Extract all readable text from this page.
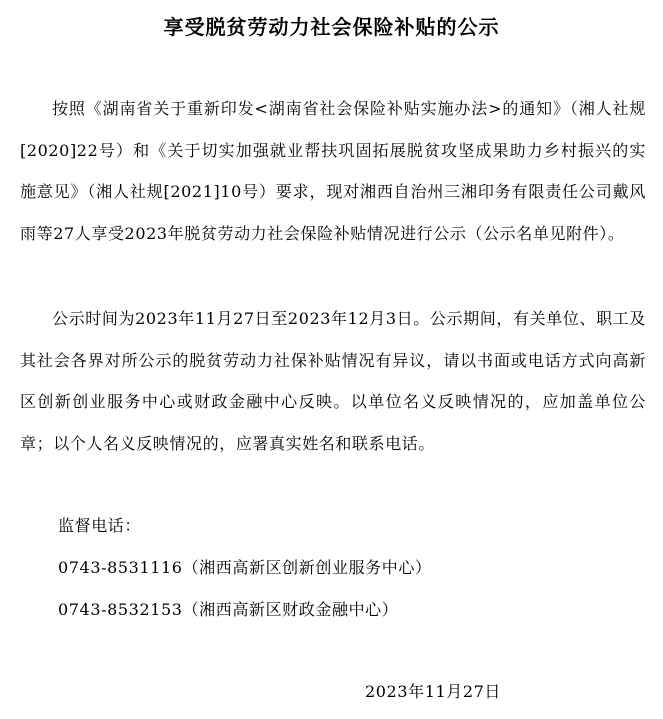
享受脱贫劳动力社会保险补贴的公示

按照《湖南省关于重新印发<湖南省社会保险补贴实施办法>的通知》（湘人社规[2020]22号）和《关于切实加强就业帮扶巩固拓展脱贫攻坚成果助力乡村振兴的实施意见》（湘人社规[2021]10号）要求，现对湘西自治州三湘印务有限责任公司戴风雨等27人享受2023年脱贫劳动力社会保险补贴情况进行公示（公示名单见附件）。

公示时间为2023年11月27日至2023年12月3日。公示期间，有关单位、职工及其社会各界对所公示的脱贫劳动力社保补贴情况有异议，请以书面或电话方式向高新区创新创业服务中心或财政金融中心反映。以单位名义反映情况的，应加盖单位公章；以个人名义反映情况的，应署真实姓名和联系电话。

监督电话：
0743-8531116（湘西高新区创新创业服务中心）
0743-8532153（湘西高新区财政金融中心）
2023年11月27日
